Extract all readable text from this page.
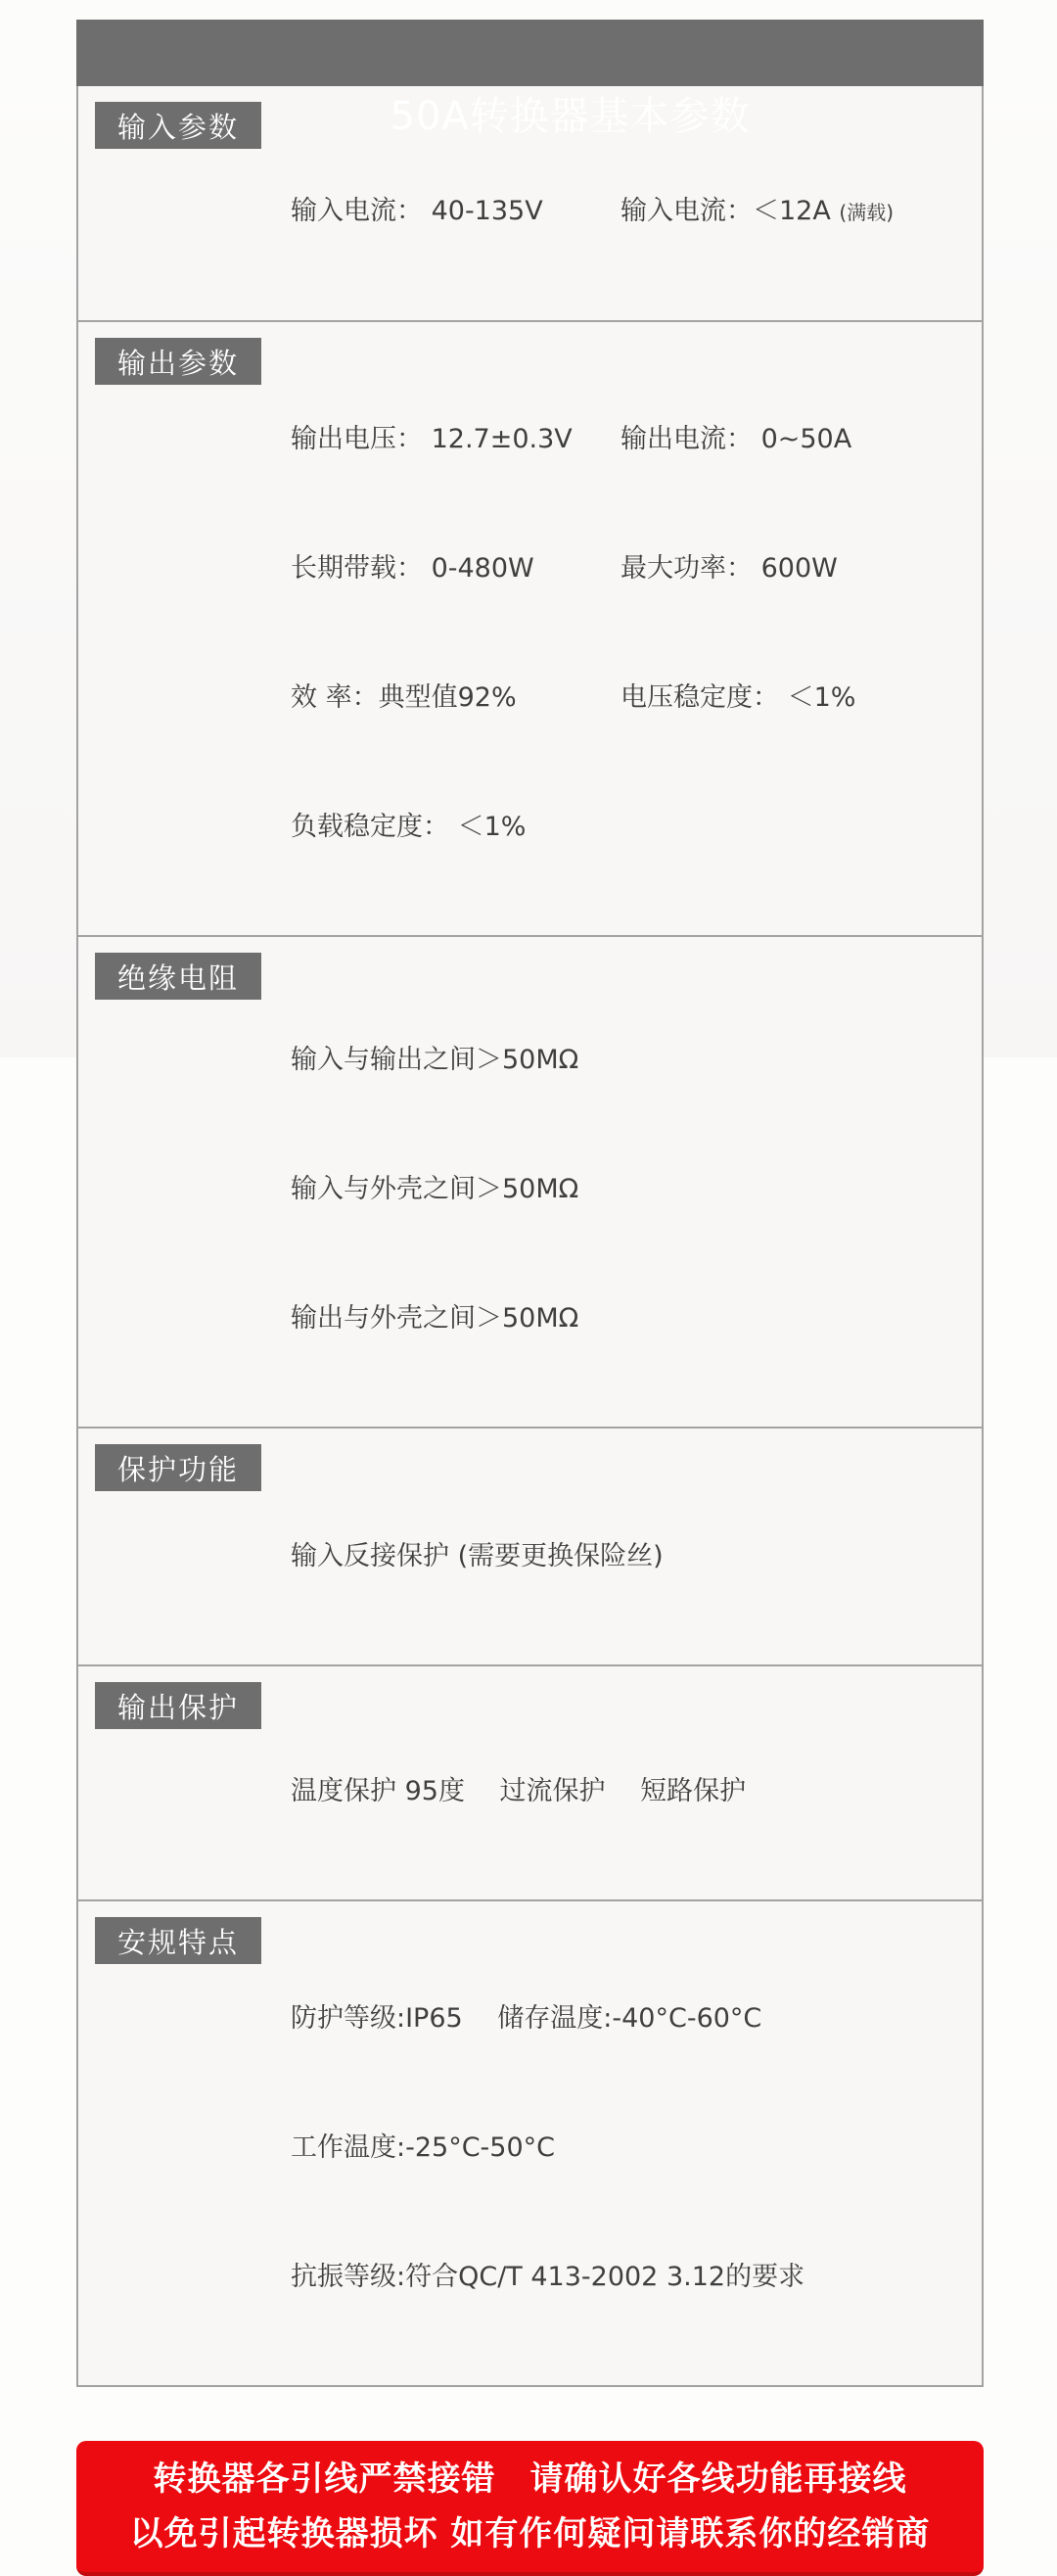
50A转换器基本参数

输入参数

输入电流： 40-135V	输入电流：＜12A (满载)

输出参数

输出电压： 12.7±0.3V	输出电流： 0~50A

长期带载： 0-480W	最大功率： 600W

效 率：典型值92%	电压稳定度： ＜1%

负载稳定度： ＜1%

绝缘电阻

输入与输出之间＞50MΩ

输入与外壳之间＞50MΩ

输出与外壳之间＞50MΩ

保护功能

输入反接保护 (需要更换保险丝)

输出保护

温度保护 95度　 过流保护　 短路保护

安规特点

防护等级:IP65　 储存温度:-40°C-60°C

工作温度:-25°C-50°C

抗振等级:符合QC/T 413-2002 3.12的要求

转换器各引线严禁接错　请确认好各线功能再接线
以免引起转换器损坏 如有作何疑问请联系你的经销商
